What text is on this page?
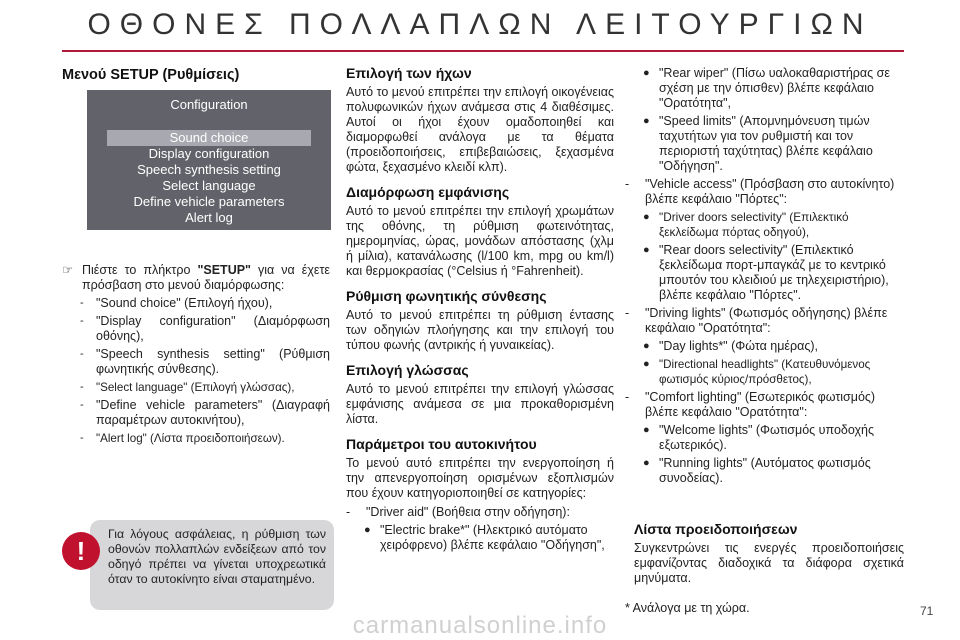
ΟΘΟΝΕΣ ΠΟΛΛΑΠΛΩΝ ΛΕΙΤΟΥΡΓΙΩΝ
Μενού SETUP (Ρυθμίσεις)
Configuration
Sound choice
Display configuration
Speech synthesis setting
Select language
Define vehicle parameters
Alert log

☞ Πιέστε το πλήκτρο "SETUP" για να έχετε πρόσβαση στο μενού διαμόρφωσης:

- "Sound choice" (Επιλογή ήχου),

- "Display configuration" (Διαμόρφωση οθόνης),

- "Speech synthesis setting" (Ρύθμιση φωνητικής σύνθεσης).

- "Select language" (Επιλογή γλώσσας),

- "Define vehicle parameters" (Διαγραφή παραμέτρων αυτοκινήτου),

- "Alert log" (Λίστα προειδοποιήσεων).

!
Για λόγους ασφάλειας, η ρύθμιση των οθονών πολλαπλών ενδείξεων από τον οδηγό πρέπει να γίνεται υποχρεωτικά όταν το αυτοκίνητο είναι σταματημένο.

Επιλογή των ήχων

Αυτό το μενού επιτρέπει την επιλογή οικογένειας πολυφωνικών ήχων ανάμεσα στις 4 διαθέσιμες. Αυτοί οι ήχοι έχουν ομαδοποιηθεί και διαμορφωθεί ανάλογα με τα θέματα (προειδοποιήσεις, επιβεβαιώσεις, ξεχασμένα φώτα, ξεχασμένο κλειδί κλπ).

Διαμόρφωση εμφάνισης

Αυτό το μενού επιτρέπει την επιλογή χρωμάτων της οθόνης, τη ρύθμιση φωτεινότητας, ημερομηνίας, ώρας, μονάδων απόστασης (χλμ ή μίλια), κατανάλωσης (l/100 km, mpg ου km/l) και θερμοκρασίας (°Celsius ή °Fahrenheit).

Ρύθμιση φωνητικής σύνθεσης

Αυτό το μενού επιτρέπει τη ρύθμιση έντασης των οδηγιών πλοήγησης και την επιλογή του τύπου φωνής (αντρικής ή γυναικείας).

Επιλογή γλώσσας

Αυτό το μενού επιτρέπει την επιλογή γλώσσας εμφάνισης ανάμεσα σε μια προκαθορισμένη λίστα.

Παράμετροι του αυτοκινήτου

Το μενού αυτό επιτρέπει την ενεργοποίηση ή την απενεργοποίηση ορισμένων εξοπλισμών που έχουν κατηγοριοποιηθεί σε κατηγορίες:

- "Driver aid" (Βοήθεια στην οδήγηση):

● "Electric brake*" (Ηλεκτρικό αυτόματο χειρόφρενο) βλέπε κεφάλαιο "Οδήγηση",

● "Rear wiper" (Πίσω υαλοκαθαριστήρας σε σχέση με την όπισθεν) βλέπε κεφάλαιο "Ορατότητα",

● "Speed limits" (Απομνημόνευση τιμών ταχυτήτων για τον ρυθμιστή και τον περιοριστή ταχύτητας) βλέπε κεφάλαιο "Οδήγηση".

- "Vehicle access" (Πρόσβαση στο αυτοκίνητο) βλέπε κεφάλαιο "Πόρτες":

● "Driver doors selectivity" (Επιλεκτικό ξεκλείδωμα πόρτας οδηγού),

● "Rear doors selectivity" (Επιλεκτικό ξεκλείδωμα πορτ-μπαγκάζ με το κεντρικό μπουτόν του κλειδιού με τηλεχειριστήριο), βλέπε κεφάλαιο "Πόρτες".

- "Driving lights" (Φωτισμός οδήγησης) βλέπε κεφάλαιο "Ορατότητα":

● "Day lights*" (Φώτα ημέρας),

● "Directional headlights" (Κατευθυνόμενος φωτισμός κύριος/πρόσθετος),

- "Comfort lighting" (Εσωτερικός φωτισμός) βλέπε κεφάλαιο "Ορατότητα":

● "Welcome lights" (Φωτισμός υποδοχής εξωτερικός).

● "Running lights" (Αυτόματος φωτισμός συνοδείας).

Λίστα προειδοποιήσεων

Συγκεντρώνει τις ενεργές προειδοποιήσεις εμφανίζοντας διαδοχικά τα διάφορα σχετικά μηνύματα.

* Ανάλογα με τη χώρα.	71
carmanualsonline.info
